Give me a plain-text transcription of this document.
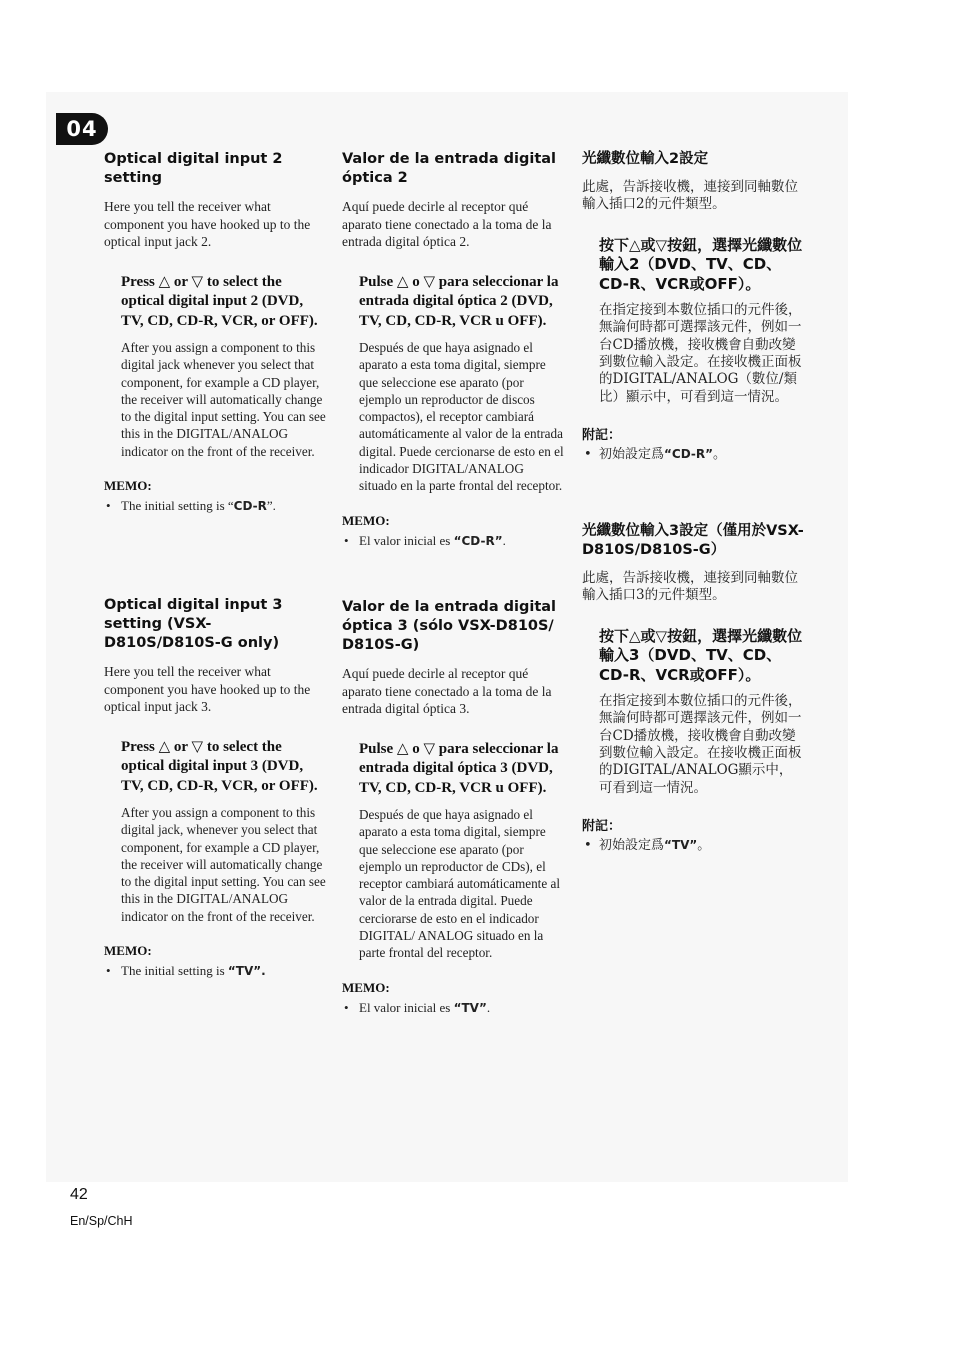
04
Optical digital input 2 setting

Here you tell the receiver what component you have hooked up to the optical input jack 2.

Press △ or ▽ to select the optical digital input 2 (DVD, TV, CD, CD-R, VCR, or OFF).

After you assign a component to this digital jack whenever you select that component, for example a CD player, the receiver will automatically change to the digital input setting. You can see this in the DIGITAL/ANALOG indicator on the front of the receiver.

MEMO:
• The initial setting is “CD-R”.
Optical digital input 3 setting (VSX-D810S/D810S-G only)

Here you tell the receiver what component you have hooked up to the optical input jack 3.

Press △ or ▽ to select the optical digital input 3 (DVD, TV, CD, CD-R, VCR, or OFF).

After you assign a component to this digital jack, whenever you select that component, for example a CD player, the receiver will automatically change to the digital input setting. You can see this in the DIGITAL/ANALOG indicator on the front of the receiver.

MEMO:
• The initial setting is “TV”.
Valor de la entrada digital óptica 2

Aquí puede decirle al receptor qué aparato tiene conectado a la toma de la entrada digital óptica 2.

Pulse △ o ▽ para seleccionar la entrada digital óptica 2 (DVD, TV, CD, CD-R, VCR u OFF).

Después de que haya asignado el aparato a esta toma digital, siempre que seleccione ese aparato (por ejemplo un reproductor de discos compactos), el receptor cambiará automáticamente al valor de la entrada digital. Puede cercionarse de esto en el indicador DIGITAL/ANALOG situado en la parte frontal del receptor.

MEMO:
• El valor inicial es “CD-R”.
Valor de la entrada digital óptica 3 (sólo VSX-D810S/ D810S-G)

Aquí puede decirle al receptor qué aparato tiene conectado a la toma de la entrada digital óptica 3.

Pulse △ o ▽ para seleccionar la entrada digital óptica 3 (DVD, TV, CD, CD-R, VCR u OFF).

Después de que haya asignado el aparato a esta toma digital, siempre que seleccione ese aparato (por ejemplo un reproductor de CDs), el receptor cambiará automáticamente al valor de la entrada digital. Puede cerciorarse de esto en el indicador DIGITAL/ ANALOG situado en la parte frontal del receptor.

MEMO:
• El valor inicial es “TV”.
光纖數位輸入2設定

此處，告訴接收機，連接到同軸數位輸入插口2的元件類型。

按下△或▽按鈕，選擇光纖數位輸入2（DVD、TV、CD、CD-R、VCR或OFF）。

在指定接到本數位插口的元件後，無論何時都可選擇該元件，例如一台CD播放機，接收機會自動改變到數位輸入設定。在接收機正面板的DIGITAL/ANALOG（數位/類比）顯示中，可看到這一情況。

附記：
• 初始設定爲“CD-R”。
光纖數位輸入3設定（僅用於VSX-D810S/D810S-G）

此處，告訴接收機，連接到同軸數位輸入插口3的元件類型。

按下△或▽按鈕，選擇光纖數位輸入3（DVD、TV、CD、CD-R、VCR或OFF）。

在指定接到本數位插口的元件後，無論何時都可選擇該元件，例如一台CD播放機，接收機會自動改變到數位輸入設定。在接收機正面板的DIGITAL/ANALOG顯示中，可看到這一情況。

附記：
• 初始設定爲“TV”。
42
En/Sp/ChH
